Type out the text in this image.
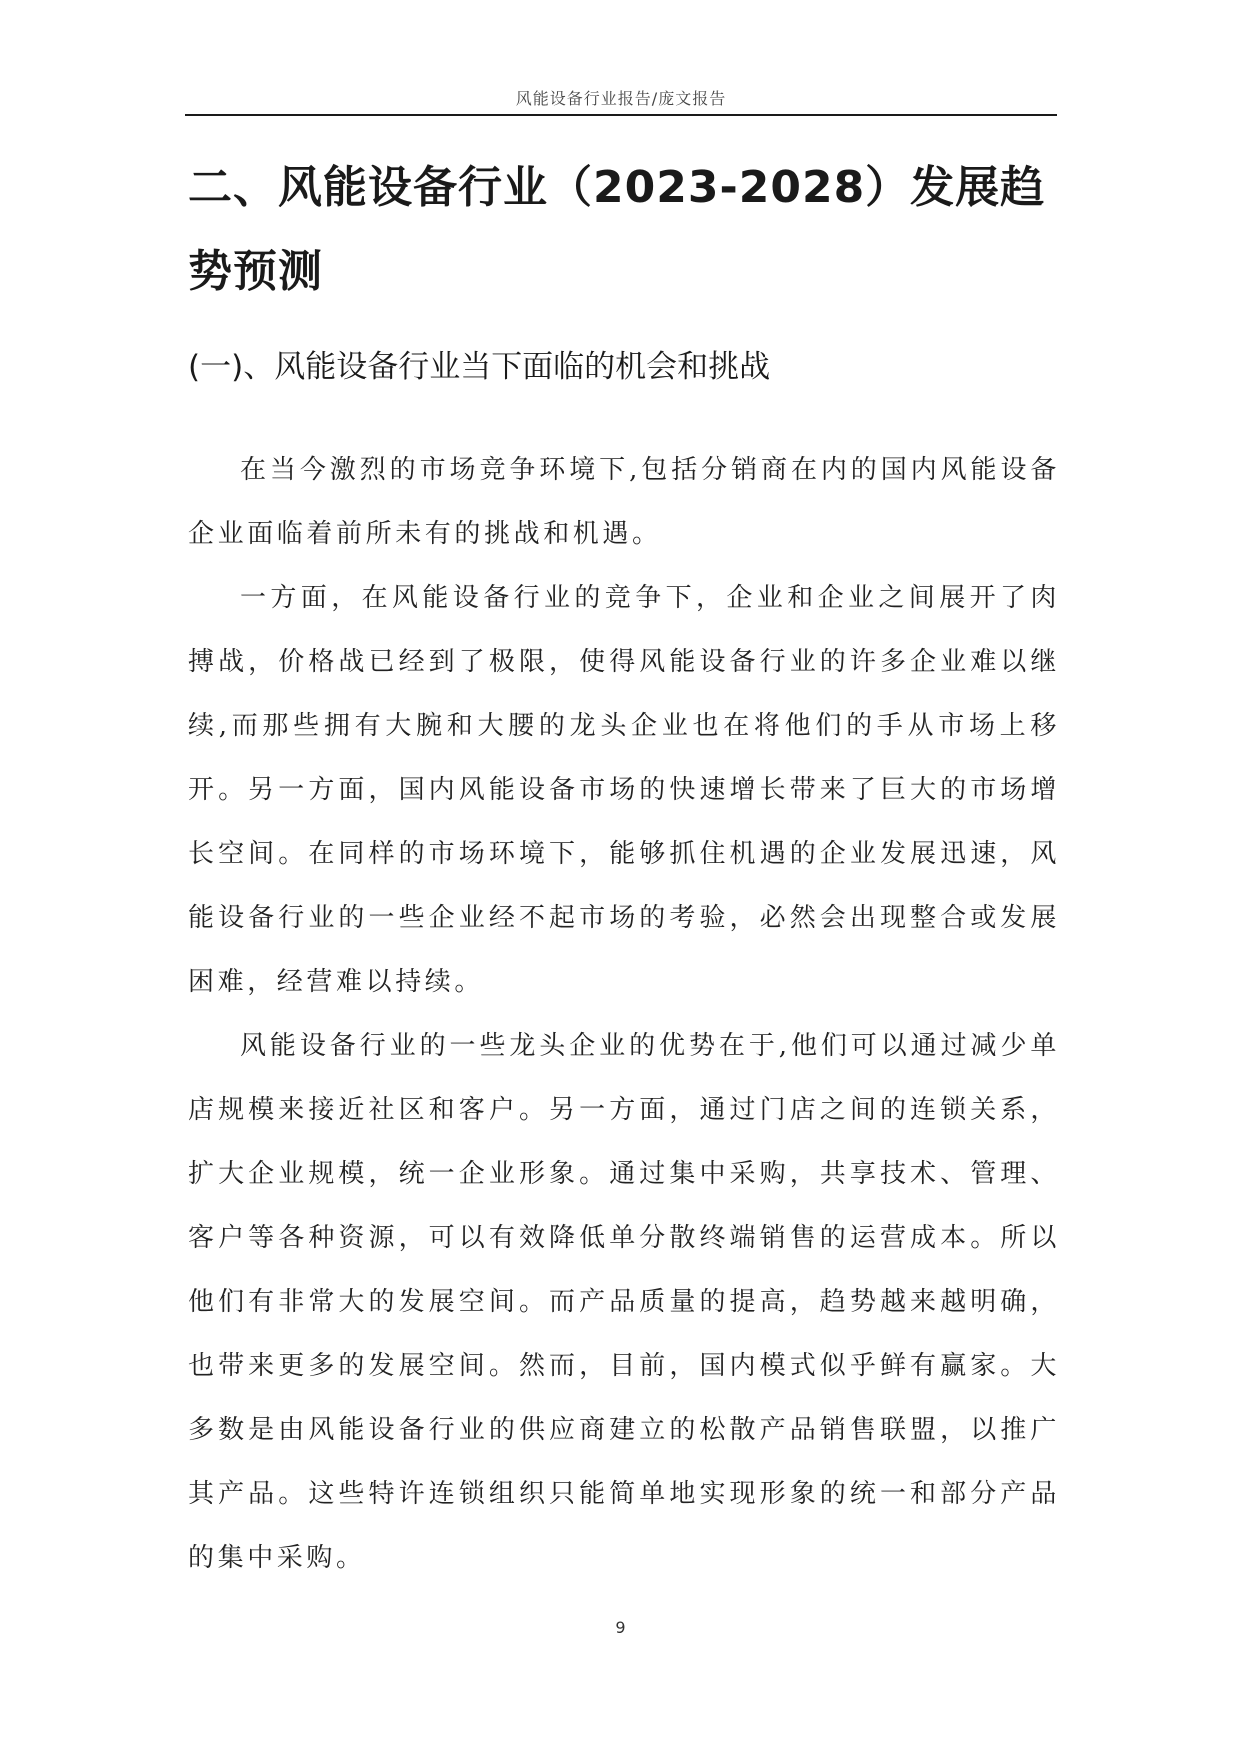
风能设备行业报告/庞文报告
二、风能设备行业（2023-2028）发展趋势预测
(一)、风能设备行业当下面临的机会和挑战

在当今激烈的市场竞争环境下,包括分销商在内的国内风能设备企业面临着前所未有的挑战和机遇。

一方面，在风能设备行业的竞争下，企业和企业之间展开了肉搏战，价格战已经到了极限，使得风能设备行业的许多企业难以继续,而那些拥有大腕和大腰的龙头企业也在将他们的手从市场上移开。另一方面，国内风能设备市场的快速增长带来了巨大的市场增长空间。在同样的市场环境下，能够抓住机遇的企业发展迅速，风能设备行业的一些企业经不起市场的考验，必然会出现整合或发展困难，经营难以持续。

风能设备行业的一些龙头企业的优势在于,他们可以通过减少单店规模来接近社区和客户。另一方面，通过门店之间的连锁关系，扩大企业规模，统一企业形象。通过集中采购，共享技术、管理、客户等各种资源，可以有效降低单分散终端销售的运营成本。所以他们有非常大的发展空间。而产品质量的提高，趋势越来越明确，也带来更多的发展空间。然而，目前，国内模式似乎鲜有赢家。大多数是由风能设备行业的供应商建立的松散产品销售联盟，以推广其产品。这些特许连锁组织只能简单地实现形象的统一和部分产品的集中采购。

9
